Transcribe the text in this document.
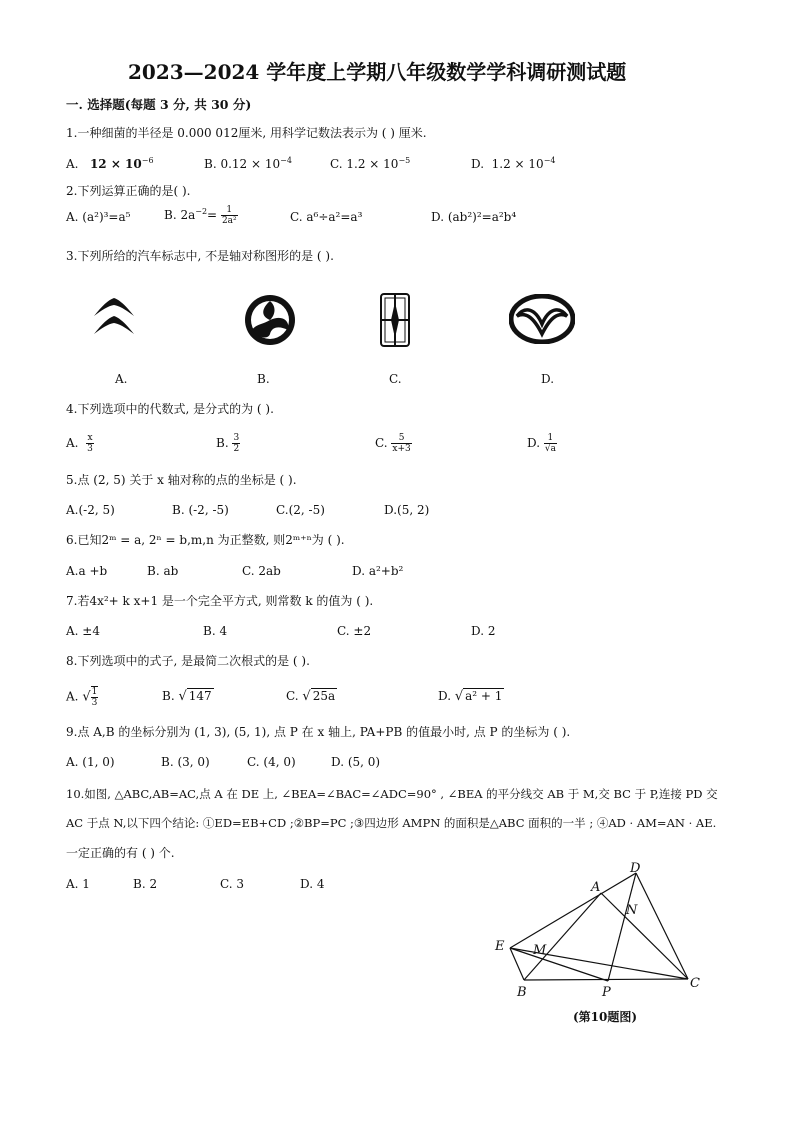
2023—2024 学年度上学期八年级数学学科调研测试题
一. 选择题(每题 3 分, 共 30 分)
1.一种细菌的半径是 0.000 012厘米, 用科学记数法表示为 ( ) 厘米.
A. $12 \times 10^{-6}$	B. $0.12 \times 10^{-4}$	C. $1.2 \times 10^{-5}$	D. $1.2 \times 10^{-4}$
2.下列运算正确的是( ).
A. (a²)³=a⁵	B. $2a^{-2}= \frac{1}{\text{2a²}}$	C. a⁶÷a²=a³	D. (ab²)²=a²b⁴
3.下列所给的汽车标志中, 不是轴对称图形的是 ( ).
A.	B.	C.	D.
4.下列选项中的代数式, 是分式的为 ( ).
A. $\frac{x}{3}$	B. $\frac{3}{2}$	C. $\frac{5}{x+3}$	D. $\frac{1}{√a}$
5.点 (2, 5) 关于 x 轴对称的点的坐标是 ( ).
A.(-2, 5)	B. (-2, -5)	C.(2, -5)	D.(5, 2)
6.已知2ᵐ = a, 2ⁿ = b,m,n 为正整数, 则2ᵐ⁺ⁿ为 ( ).
A.a +b	B. ab	C. 2ab	D. a²+b²
7.若4x²+ k x+1 是一个完全平方式, 则常数 k 的值为 ( ).
A. ±4	B. 4	C. ±2	D. 2
8.下列选项中的式子, 是最简二次根式的是 ( ).
A. √ $\frac{1}{3}$	B. √ 147	C. √ 25a	D. √ a² + 1
9.点 A,B 的坐标分别为 (1, 3), (5, 1), 点 P 在 x 轴上, PA+PB 的值最小时, 点 P 的坐标为 ( ).
A. (1, 0)	B. (3, 0)	C. (4, 0)	D. (5, 0)
10.如图, △ABC,AB=AC,点 A 在 DE 上, ∠BEA=∠BAC=∠ADC=90° , ∠BEA 的平分线交 AB 于 M,交 BC 于 P,连接 PD 交
AC 于点 N,以下四个结论: ①ED=EB+CD ;②BP=PC ;③四边形 AMPN 的面积是△ABC 面积的一半 ; ④AD · AM=AN · AE.
一定正确的有 ( ) 个.
A. 1	B. 2	C. 3	D. 4	A
D
N
E M
B	P
C
(第10题图)
